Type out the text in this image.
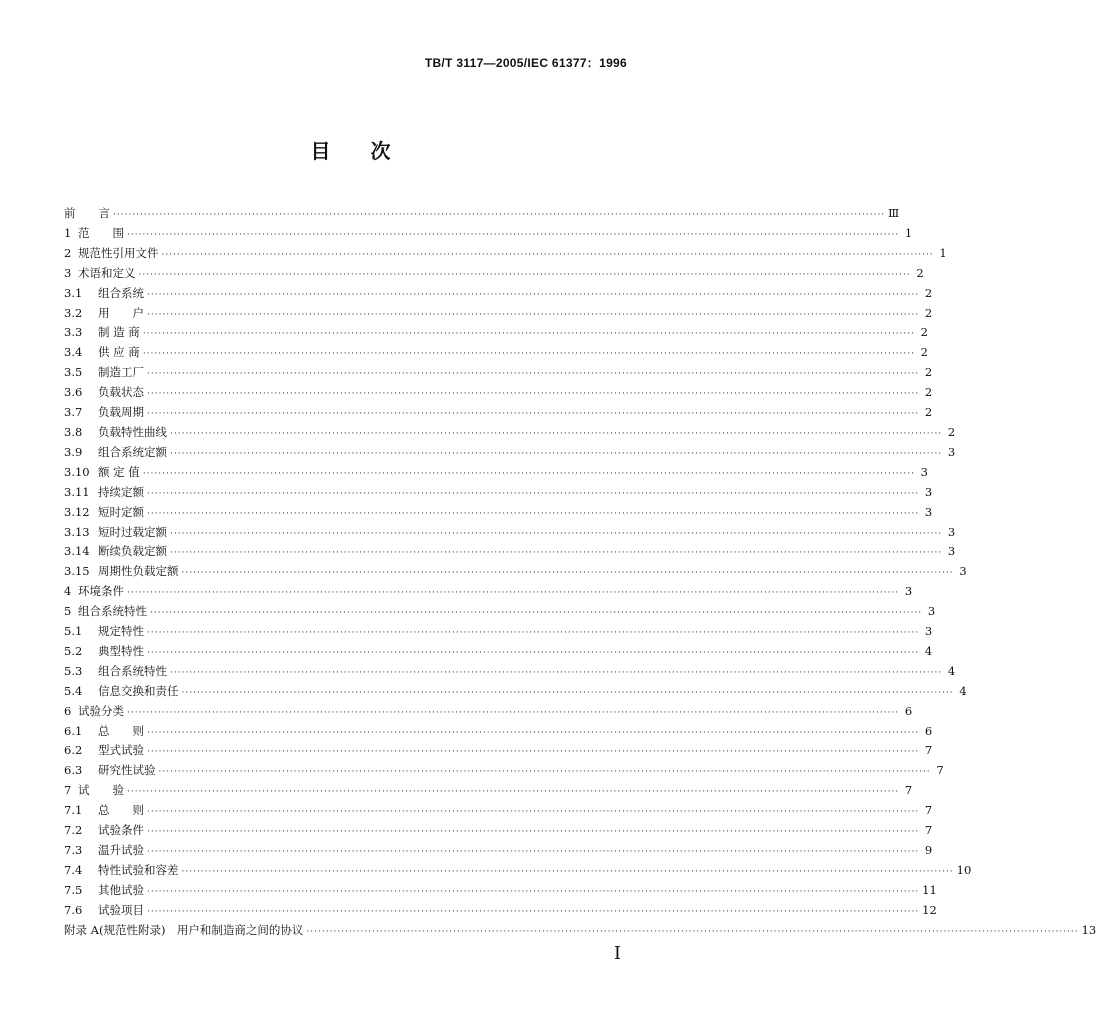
TB/T 3117—2005/IEC 61377：1996
目次
前　　言 ········································································································································································································ Ⅲ
1 范　　围 ········································································································································································································ 1
2 规范性引用文件 ········································································································································································································ 1
3 术语和定义 ········································································································································································································ 2
3.1	组合系统 ········································································································································································································ 2
3.2	用　　户 ········································································································································································································ 2
3.3	制 造 商 ········································································································································································································ 2
3.4	供 应 商 ········································································································································································································ 2
3.5	制造工厂 ········································································································································································································ 2
3.6	负载状态 ········································································································································································································ 2
3.7	负载周期 ········································································································································································································ 2
3.8	负载特性曲线 ········································································································································································································ 2
3.9	组合系统定额 ········································································································································································································ 3
3.10 额 定 值 ········································································································································································································ 3
3.11 持续定额 ········································································································································································································ 3
3.12 短时定额 ········································································································································································································ 3
3.13 短时过载定额 ········································································································································································································ 3
3.14 断续负载定额 ········································································································································································································ 3
3.15 周期性负载定额 ········································································································································································································ 3
4 环境条件 ········································································································································································································ 3
5 组合系统特性 ········································································································································································································ 3
5.1	规定特性 ········································································································································································································ 3
5.2	典型特性 ········································································································································································································ 4
5.3	组合系统特性 ········································································································································································································ 4
5.4	信息交换和责任 ········································································································································································································ 4
6 试验分类 ········································································································································································································ 6
6.1	总　　则 ········································································································································································································ 6
6.2	型式试验 ········································································································································································································ 7
6.3	研究性试验 ········································································································································································································ 7
7 试　　验 ········································································································································································································ 7
7.1	总　　则 ········································································································································································································ 7
7.2	试验条件 ········································································································································································································ 7
7.3	温升试验 ········································································································································································································ 9
7.4	特性试验和容差 ········································································································································································································ 10
7.5	其他试验 ········································································································································································································ 11
7.6	试验项目 ········································································································································································································ 12
附录 A(规范性附录)　用户和制造商之间的协议 ········································································································································································································ 13
Ⅰ
